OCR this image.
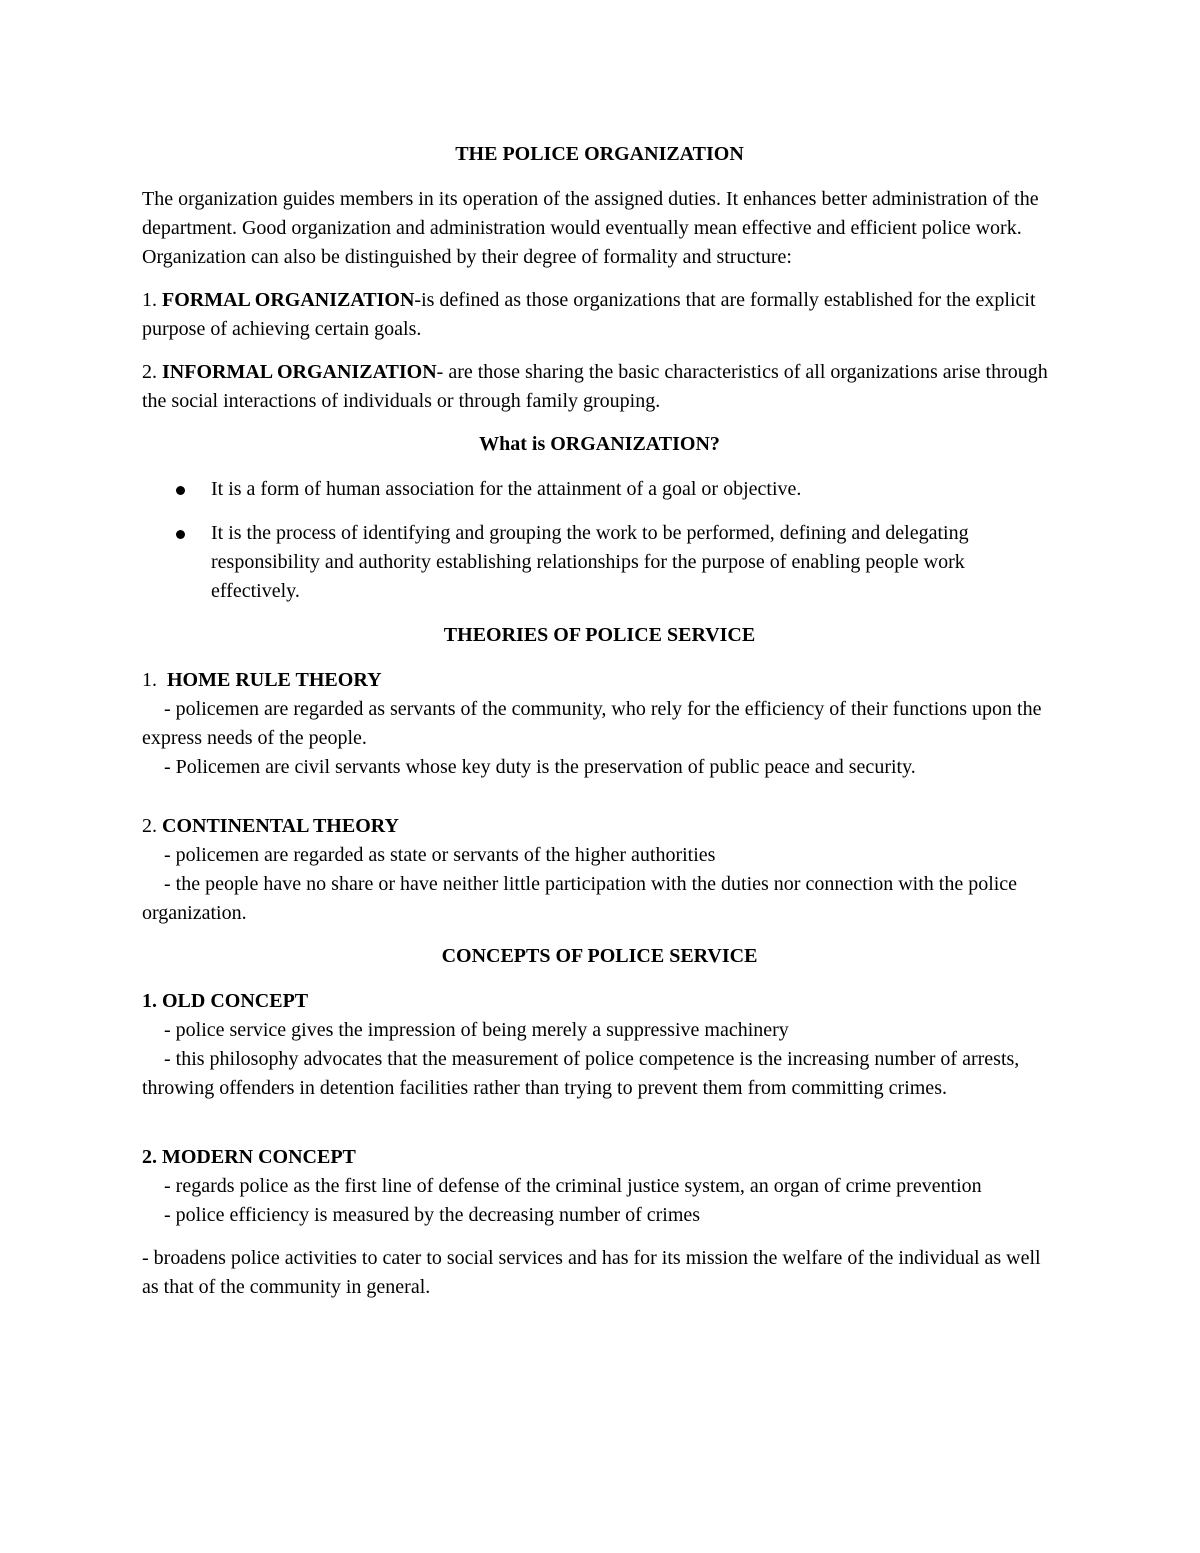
THE POLICE ORGANIZATION

The organization guides members in its operation of the assigned duties. It enhances better administration of the department. Good organization and administration would eventually mean effective and efficient police work. Organization can also be distinguished by their degree of formality and structure:

1. FORMAL ORGANIZATION-is defined as those organizations that are formally established for the explicit purpose of achieving certain goals.

2. INFORMAL ORGANIZATION- are those sharing the basic characteristics of all organizations arise through the social interactions of individuals or through family grouping.

What is ORGANIZATION?

It is a form of human association for the attainment of a goal or objective.
It is the process of identifying and grouping the work to be performed, defining and delegating responsibility and authority establishing relationships for the purpose of enabling people work effectively.

THEORIES OF POLICE SERVICE

1.  HOME RULE THEORY

- policemen are regarded as servants of the community, who rely for the efficiency of their functions upon the express needs of the people.

- Policemen are civil servants whose key duty is the preservation of public peace and security.

2. CONTINENTAL THEORY

- policemen are regarded as state or servants of the higher authorities

- the people have no share or have neither little participation with the duties nor connection with the police organization.

CONCEPTS OF POLICE SERVICE

1. OLD CONCEPT

- police service gives the impression of being merely a suppressive machinery

- this philosophy advocates that the measurement of police competence is the increasing number of arrests, throwing offenders in detention facilities rather than trying to prevent them from committing crimes.

2. MODERN CONCEPT

- regards police as the first line of defense of the criminal justice system, an organ of crime prevention

- police efficiency is measured by the decreasing number of crimes

- broadens police activities to cater to social services and has for its mission the welfare of the individual as well as that of the community in general.
